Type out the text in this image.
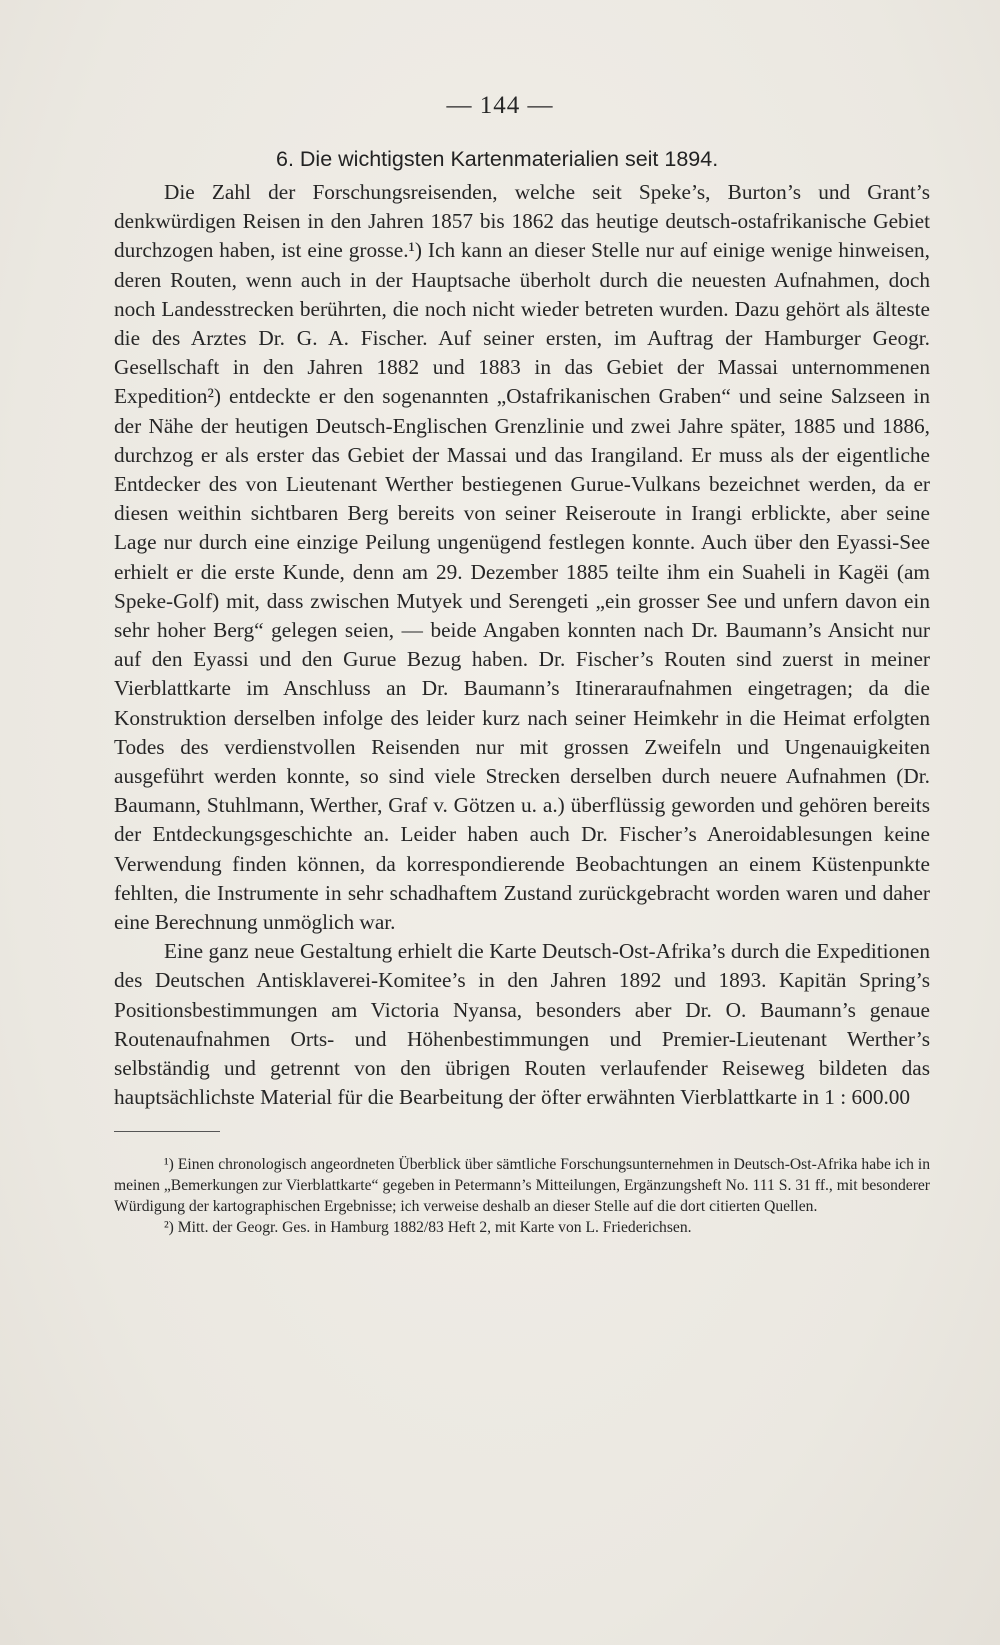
— 144 —
6. Die wichtigsten Kartenmaterialien seit 1894.

Die Zahl der Forschungsreisenden, welche seit Speke’s, Burton’s und Grant’s denkwürdigen Reisen in den Jahren 1857 bis 1862 das heutige deutsch-ostafrikanische Gebiet durchzogen haben, ist eine grosse.¹) Ich kann an dieser Stelle nur auf einige wenige hinweisen, deren Routen, wenn auch in der Hauptsache überholt durch die neuesten Aufnahmen, doch noch Landesstrecken berührten, die noch nicht wieder betreten wurden. Dazu gehört als älteste die des Arztes Dr. G. A. Fischer. Auf seiner ersten, im Auftrag der Hamburger Geogr. Gesellschaft in den Jahren 1882 und 1883 in das Gebiet der Massai unternommenen Expedition²) entdeckte er den sogenannten „Ostafrikanischen Graben“ und seine Salzseen in der Nähe der heutigen Deutsch-Englischen Grenzlinie und zwei Jahre später, 1885 und 1886, durchzog er als erster das Gebiet der Massai und das Irangiland. Er muss als der eigentliche Entdecker des von Lieutenant Werther bestiegenen Gurue-Vulkans bezeichnet werden, da er diesen weithin sichtbaren Berg bereits von seiner Reiseroute in Irangi erblickte, aber seine Lage nur durch eine einzige Peilung ungenügend festlegen konnte. Auch über den Eyassi-See erhielt er die erste Kunde, denn am 29. Dezember 1885 teilte ihm ein Suaheli in Kagëi (am Speke-Golf) mit, dass zwischen Mutyek und Serengeti „ein grosser See und unfern davon ein sehr hoher Berg“ gelegen seien, — beide Angaben konnten nach Dr. Baumann’s Ansicht nur auf den Eyassi und den Gurue Bezug haben. Dr. Fischer’s Routen sind zuerst in meiner Vierblattkarte im Anschluss an Dr. Baumann’s Itineraraufnahmen eingetragen; da die Konstruktion derselben infolge des leider kurz nach seiner Heimkehr in die Heimat erfolgten Todes des verdienstvollen Reisenden nur mit grossen Zweifeln und Ungenauigkeiten ausgeführt werden konnte, so sind viele Strecken derselben durch neuere Aufnahmen (Dr. Baumann, Stuhlmann, Werther, Graf v. Götzen u. a.) überflüssig geworden und gehören bereits der Entdeckungsgeschichte an. Leider haben auch Dr. Fischer’s Aneroidablesungen keine Verwendung finden können, da korrespondierende Beobachtungen an einem Küstenpunkte fehlten, die Instrumente in sehr schadhaftem Zustand zurückgebracht worden waren und daher eine Berechnung unmöglich war.

Eine ganz neue Gestaltung erhielt die Karte Deutsch-Ost-Afrika’s durch die Expeditionen des Deutschen Antisklaverei-Komitee’s in den Jahren 1892 und 1893. Kapitän Spring’s Positionsbestimmungen am Victoria Nyansa, besonders aber Dr. O. Baumann’s genaue Routenaufnahmen Orts- und Höhenbestimmungen und Premier-Lieutenant Werther’s selbständig und getrennt von den übrigen Routen verlaufender Reiseweg bildeten das hauptsächlichste Material für die Bearbeitung der öfter erwähnten Vierblattkarte in 1 : 600.00

¹) Einen chronologisch angeordneten Überblick über sämtliche Forschungsunternehmen in Deutsch-Ost-Afrika habe ich in meinen „Bemerkungen zur Vierblattkarte“ gegeben in Petermann’s Mitteilungen, Ergänzungsheft No. 111 S. 31 ff., mit besonderer Würdigung der kartographischen Ergebnisse; ich verweise deshalb an dieser Stelle auf die dort citierten Quellen.

²) Mitt. der Geogr. Ges. in Hamburg 1882/83 Heft 2, mit Karte von L. Friederichsen.
